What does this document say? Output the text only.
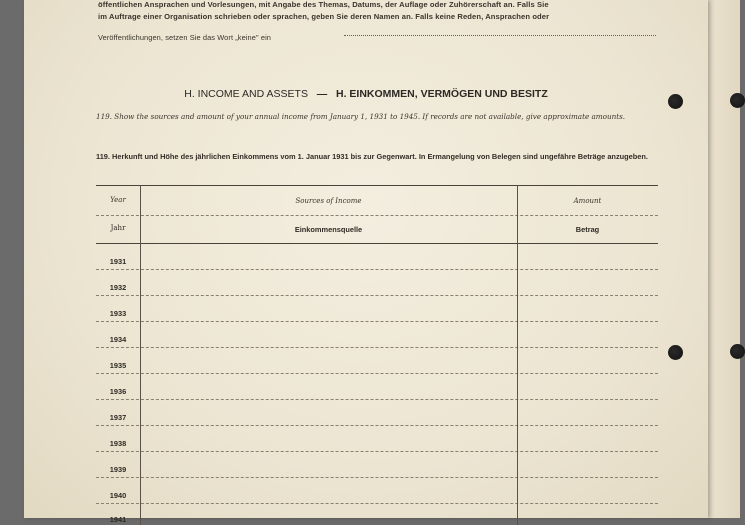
öffentlichen Ansprachen und Vorlesungen, mit Angabe des Themas, Datums, der Auflage oder Zuhörerschaft an. Falls Sie
im Auftrage einer Organisation schrieben oder sprachen, geben Sie deren Namen an. Falls keine Reden, Ansprachen oder
Veröffentlichungen, setzen Sie das Wort „keine" ein
H. INCOME AND ASSETS — H. EINKOMMEN, VERMÖGEN UND BESITZ
119. Show the sources and amount of your annual income from January 1, 1931 to 1945. If records are not available, give approximate amounts.
119. Herkunft und Höhe des jährlichen Einkommens vom 1. Januar 1931 bis zur Gegenwart. In Ermangelung von Belegen sind ungefähre Beträge anzugeben.
Year	Sources of Income	Amount
Jahr	Einkommensquelle	Betrag
1931
1932
1933
1934
1935
1936
1937
1938
1939
1940
1941
